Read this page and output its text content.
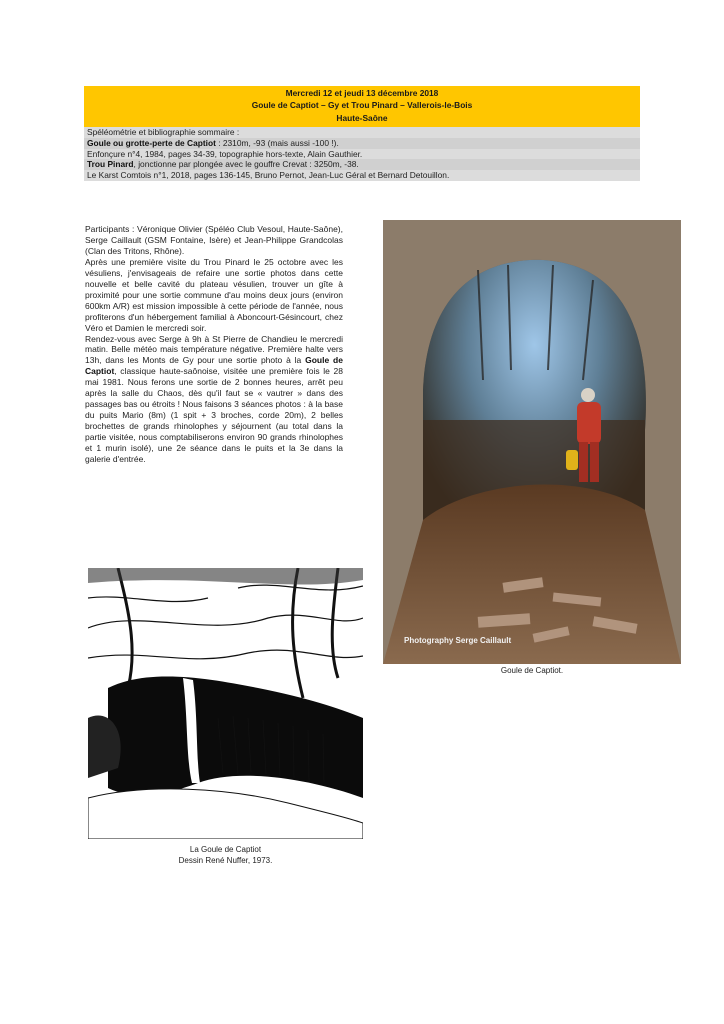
Mercredi 12 et jeudi 13 décembre 2018
Goule de Captiot – Gy et Trou Pinard – Vallerois-le-Bois
Haute-Saône
Spéléométrie et bibliographie sommaire :
Goule ou grotte-perte de Captiot : 2310m, -93 (mais aussi -100 !).
Enfonçure n°4, 1984, pages 34-39, topographie hors-texte, Alain Gauthier.
Trou Pinard, jonctionne par plongée avec le gouffre Crevat : 3250m, -38.
Le Karst Comtois n°1, 2018, pages 136-145, Bruno Pernot, Jean-Luc Géral et Bernard Detouillon.

Participants : Véronique Olivier (Spéléo Club Vesoul, Haute-Saône), Serge Caillault (GSM Fontaine, Isère) et Jean-Philippe Grandcolas (Clan des Tritons, Rhône).

Après une première visite du Trou Pinard le 25 octobre avec les vésuliens, j'envisageais de refaire une sortie photos dans cette nouvelle et belle cavité du plateau vésulien, trouver un gîte à proximité pour une sortie commune d'au moins deux jours (environ 600km A/R) est mission impossible à cette période de l'année, nous profiterons d'un hébergement familial à Aboncourt-Gésincourt, chez Véro et Damien le mercredi soir.

Rendez-vous avec Serge à 9h à St Pierre de Chandieu le mercredi matin. Belle météo mais température négative. Première halte vers 13h, dans les Monts de Gy pour une sortie photo à la Goule de Captiot, classique haute-saônoise, visitée une première fois le 28 mai 1981. Nous ferons une sortie de 2 bonnes heures, arrêt peu après la salle du Chaos, dès qu'il faut se « vautrer » dans des passages bas ou étroits ! Nous faisons 3 séances photos : à la base du puits Mario (8m) (1 spit + 3 broches, corde 20m), 2 belles brochettes de grands rhinolophes y séjournent (au total dans la partie visitée, nous comptabiliserons environ 90 grands rhinolophes et 1 murin isolé), une 2e séance dans le puits et la 3e dans la galerie d'entrée.

Photography Serge Caillault
Goule de Captiot.
La Goule de Captiot
Dessin René Nuffer, 1973.
